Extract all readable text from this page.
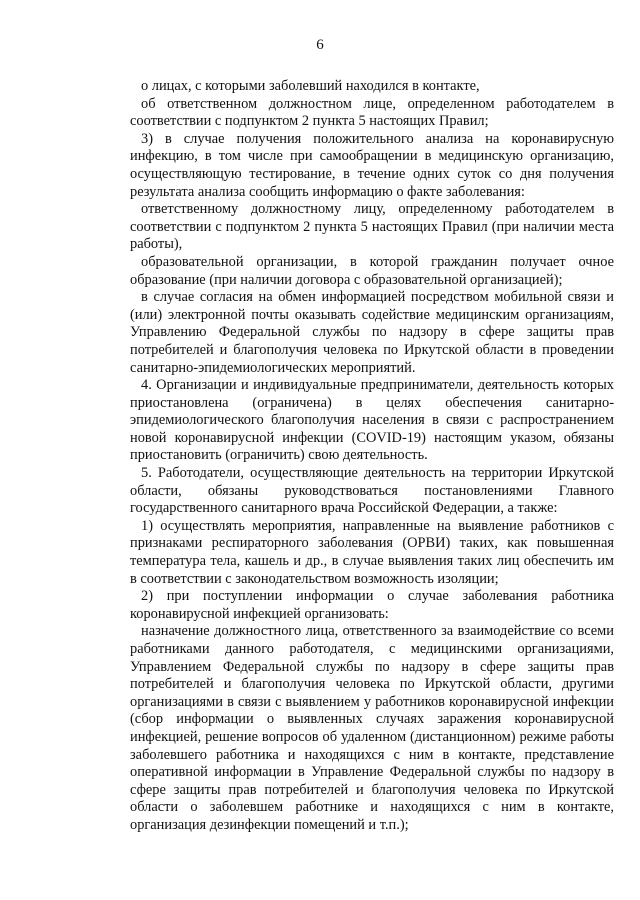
6

о лицах, с которыми заболевший находился в контакте,

об ответственном должностном лице, определенном работодателем в соответствии с подпунктом 2 пункта 5 настоящих Правил;

3) в случае получения положительного анализа на коронавирусную инфекцию, в том числе при самообращении в медицинскую организацию, осуществляющую тестирование, в течение одних суток со дня получения результата анализа сообщить информацию о факте заболевания:

ответственному должностному лицу, определенному работодателем в соответствии с подпунктом 2 пункта 5 настоящих Правил (при наличии места работы),

образовательной организации, в которой гражданин получает очное образование (при наличии договора с образовательной организацией);

в случае согласия на обмен информацией посредством мобильной связи и (или) электронной почты оказывать содействие медицинским организациям, Управлению Федеральной службы по надзору в сфере защиты прав потребителей и благополучия человека по Иркутской области в проведении санитарно-эпидемиологических мероприятий.

4. Организации и индивидуальные предприниматели, деятельность которых приостановлена (ограничена) в целях обеспечения санитарно-эпидемиологического благополучия населения в связи с распространением новой коронавирусной инфекции (COVID-19) настоящим указом, обязаны приостановить (ограничить) свою деятельность.

5. Работодатели, осуществляющие деятельность на территории Иркутской области, обязаны руководствоваться постановлениями Главного государственного санитарного врача Российской Федерации, а также:

1) осуществлять мероприятия, направленные на выявление работников с признаками респираторного заболевания (ОРВИ) таких, как повышенная температура тела, кашель и др., в случае выявления таких лиц обеспечить им в соответствии с законодательством возможность изоляции;

2) при поступлении информации о случае заболевания работника коронавирусной инфекцией организовать:

назначение должностного лица, ответственного за взаимодействие со всеми работниками данного работодателя, с медицинскими организациями, Управлением Федеральной службы по надзору в сфере защиты прав потребителей и благополучия человека по Иркутской области, другими организациями в связи с выявлением у работников коронавирусной инфекции (сбор информации о выявленных случаях заражения коронавирусной инфекцией, решение вопросов об удаленном (дистанционном) режиме работы заболевшего работника и находящихся с ним в контакте, представление оперативной информации в Управление Федеральной службы по надзору в сфере защиты прав потребителей и благополучия человека по Иркутской области о заболевшем работнике и находящихся с ним в контакте, организация дезинфекции помещений и т.п.);
